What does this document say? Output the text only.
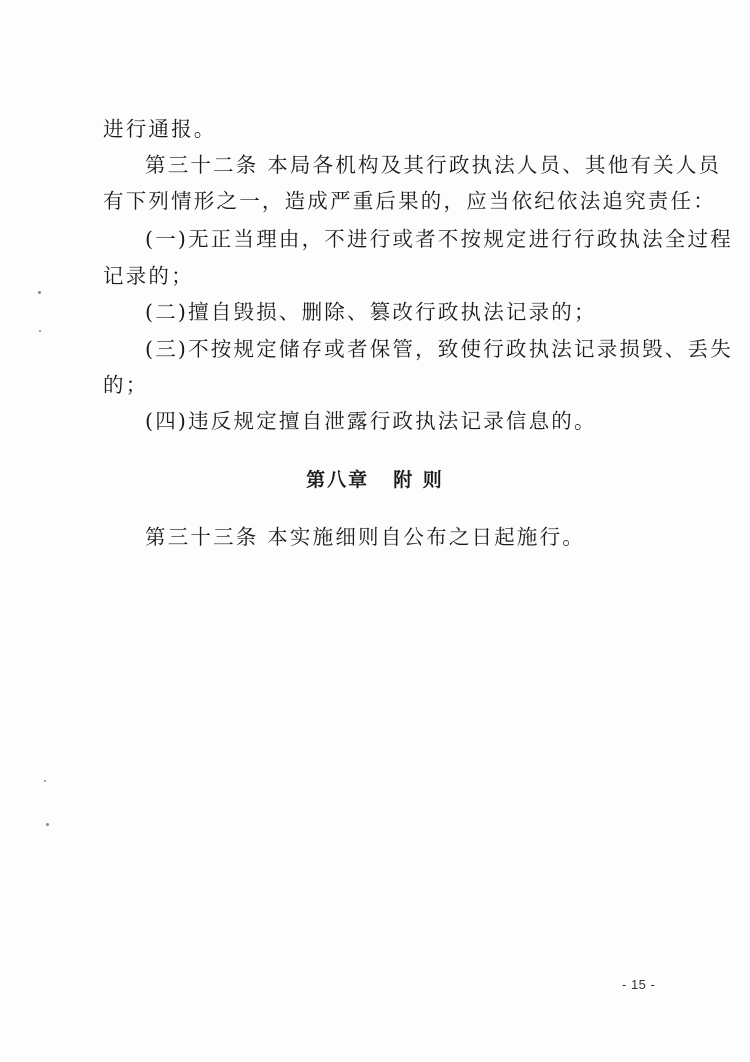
进行通报。
第三十二条 本局各机构及其行政执法人员、其他有关人员
有下列情形之一，造成严重后果的，应当依纪依法追究责任：
(一)无正当理由，不进行或者不按规定进行行政执法全过程
记录的；
(二)擅自毁损、删除、篡改行政执法记录的；
(三)不按规定储存或者保管，致使行政执法记录损毁、丢失
的；
(四)违反规定擅自泄露行政执法记录信息的。
第八章 附 则
第三十三条 本实施细则自公布之日起施行。
- 15 -
